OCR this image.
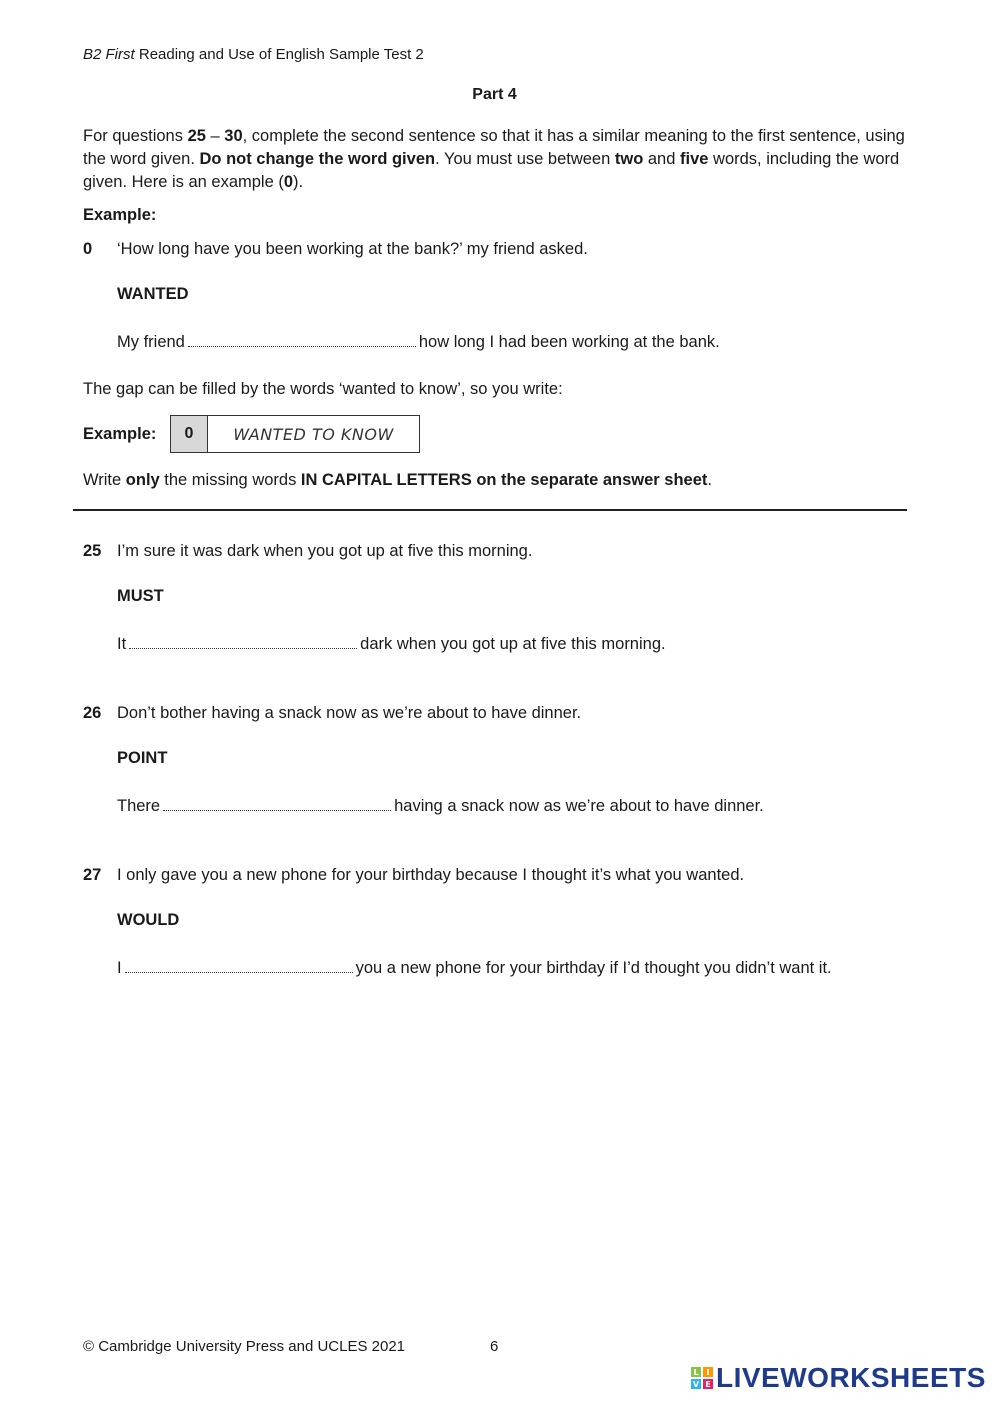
B2 First Reading and Use of English Sample Test 2
Part 4
For questions 25 – 30, complete the second sentence so that it has a similar meaning to the first sentence, using the word given. Do not change the word given. You must use between two and five words, including the word given. Here is an example (0).
Example:
0 ‘How long have you been working at the bank?’ my friend asked.
WANTED
My friend	how long I had been working at the bank.
The gap can be filled by the words ‘wanted to know’, so you write:
Example:	0	WANTED TO KNOW
Write only the missing words IN CAPITAL LETTERS on the separate answer sheet.
25 I’m sure it was dark when you got up at five this morning.
MUST
It	dark when you got up at five this morning.
26 Don’t bother having a snack now as we’re about to have dinner.
POINT
There	having a snack now as we’re about to have dinner.
27 I only gave you a new phone for your birthday because I thought it’s what you wanted.
WOULD
I	you a new phone for your birthday if I’d thought you didn’t want it.
© Cambridge University Press and UCLES 2021	6
L I
V E LIVEWORKSHEETS
